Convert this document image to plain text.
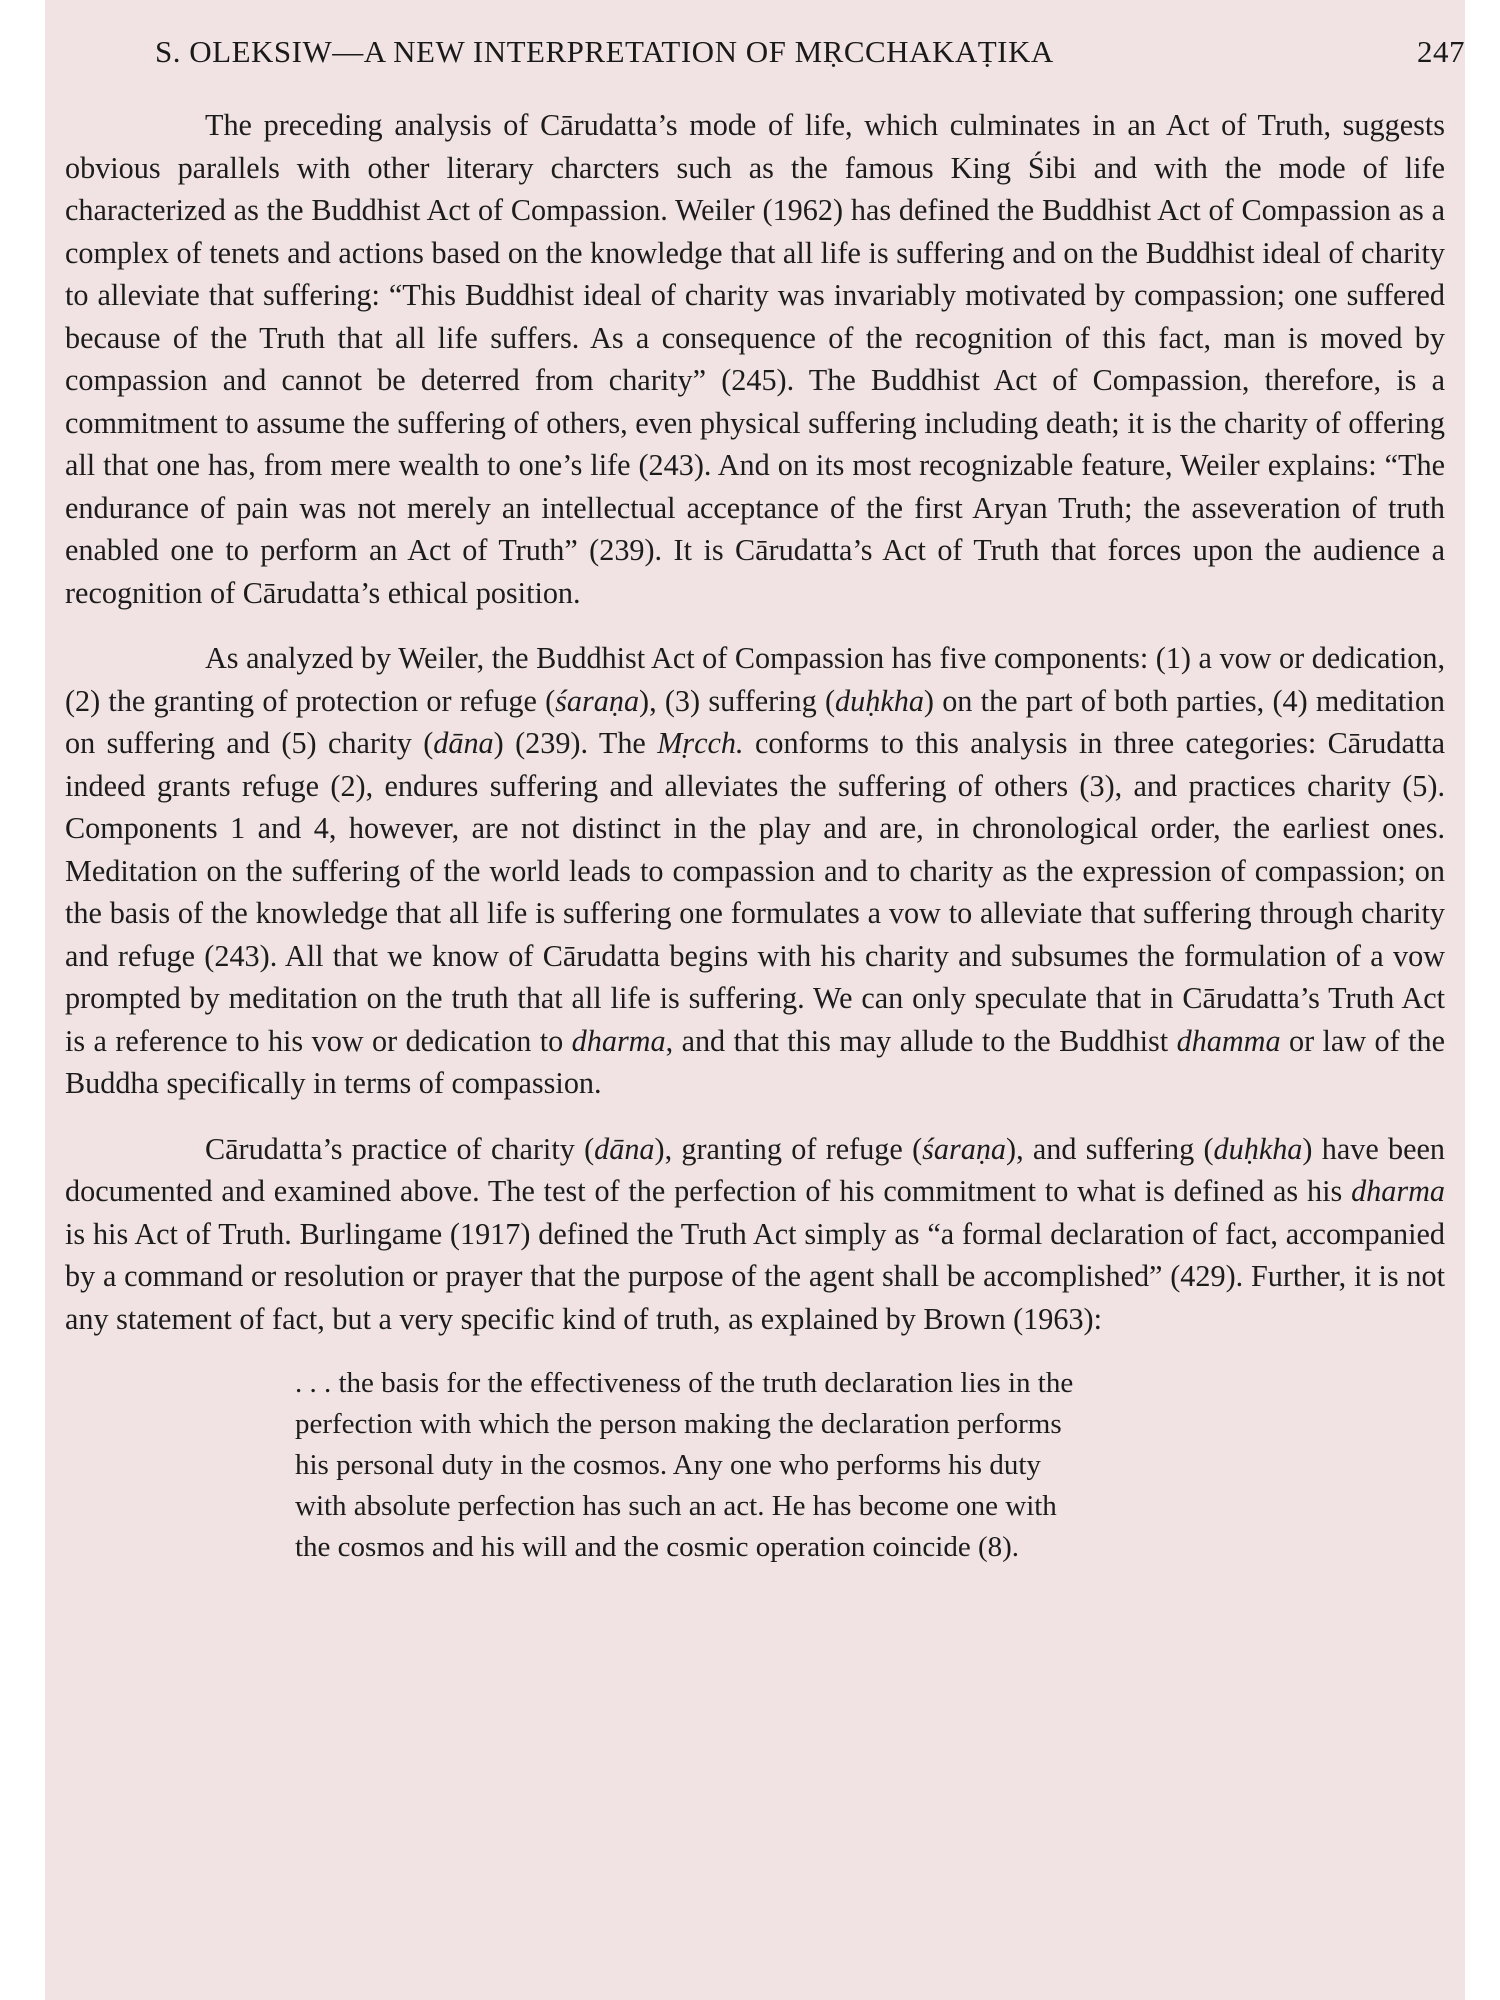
S. OLEKSIW—A NEW INTERPRETATION OF MṚCCHAKAṬIKA	247

The preceding analysis of Cārudatta’s mode of life, which culminates in an Act of Truth, suggests obvious parallels with other literary charcters such as the famous King Śibi and with the mode of life characterized as the Buddhist Act of Compassion. Weiler (1962) has defined the Buddhist Act of Compassion as a complex of tenets and actions based on the knowledge that all life is suffering and on the Buddhist ideal of charity to alleviate that suffering: “This Buddhist ideal of charity was invariably motivated by compassion; one suffered because of the Truth that all life suffers. As a consequence of the recognition of this fact, man is moved by compassion and cannot be deterred from charity” (245). The Buddhist Act of Compassion, therefore, is a commitment to assume the suffering of others, even physical suffering including death; it is the charity of offering all that one has, from mere wealth to one’s life (243). And on its most recognizable feature, Weiler explains: “The endurance of pain was not merely an intellectual acceptance of the first Aryan Truth; the asseveration of truth enabled one to perform an Act of Truth” (239). It is Cārudatta’s Act of Truth that forces upon the audience a recognition of Cārudatta’s ethical position.

As analyzed by Weiler, the Buddhist Act of Compassion has five components: (1) a vow or dedication, (2) the granting of protection or refuge (śaraṇa), (3) suffering (duḥkha) on the part of both parties, (4) meditation on suffering and (5) charity (dāna) (239). The Mṛcch. conforms to this analysis in three categories: Cārudatta indeed grants refuge (2), endures suffering and alleviates the suffering of others (3), and practices charity (5). Components 1 and 4, however, are not distinct in the play and are, in chronological order, the earliest ones. Meditation on the suffering of the world leads to compassion and to charity as the expression of compassion; on the basis of the knowledge that all life is suffering one formulates a vow to alleviate that suffering through charity and refuge (243). All that we know of Cārudatta begins with his charity and subsumes the formulation of a vow prompted by meditation on the truth that all life is suffering. We can only speculate that in Cārudatta’s Truth Act is a reference to his vow or dedication to dharma, and that this may allude to the Buddhist dhamma or law of the Buddha specifically in terms of compassion.

Cārudatta’s practice of charity (dāna), granting of refuge (śaraṇa), and suffering (duḥkha) have been documented and examined above. The test of the perfection of his commitment to what is defined as his dharma is his Act of Truth. Burlingame (1917) defined the Truth Act simply as “a formal declaration of fact, accompanied by a command or resolution or prayer that the purpose of the agent shall be accomplished” (429). Further, it is not any statement of fact, but a very specific kind of truth, as explained by Brown (1963):

. . . the basis for the effectiveness of the truth declaration lies in the perfection with which the person making the declaration performs his personal duty in the cosmos. Any one who performs his duty with absolute perfection has such an act. He has become one with the cosmos and his will and the cosmic operation coincide (8).
